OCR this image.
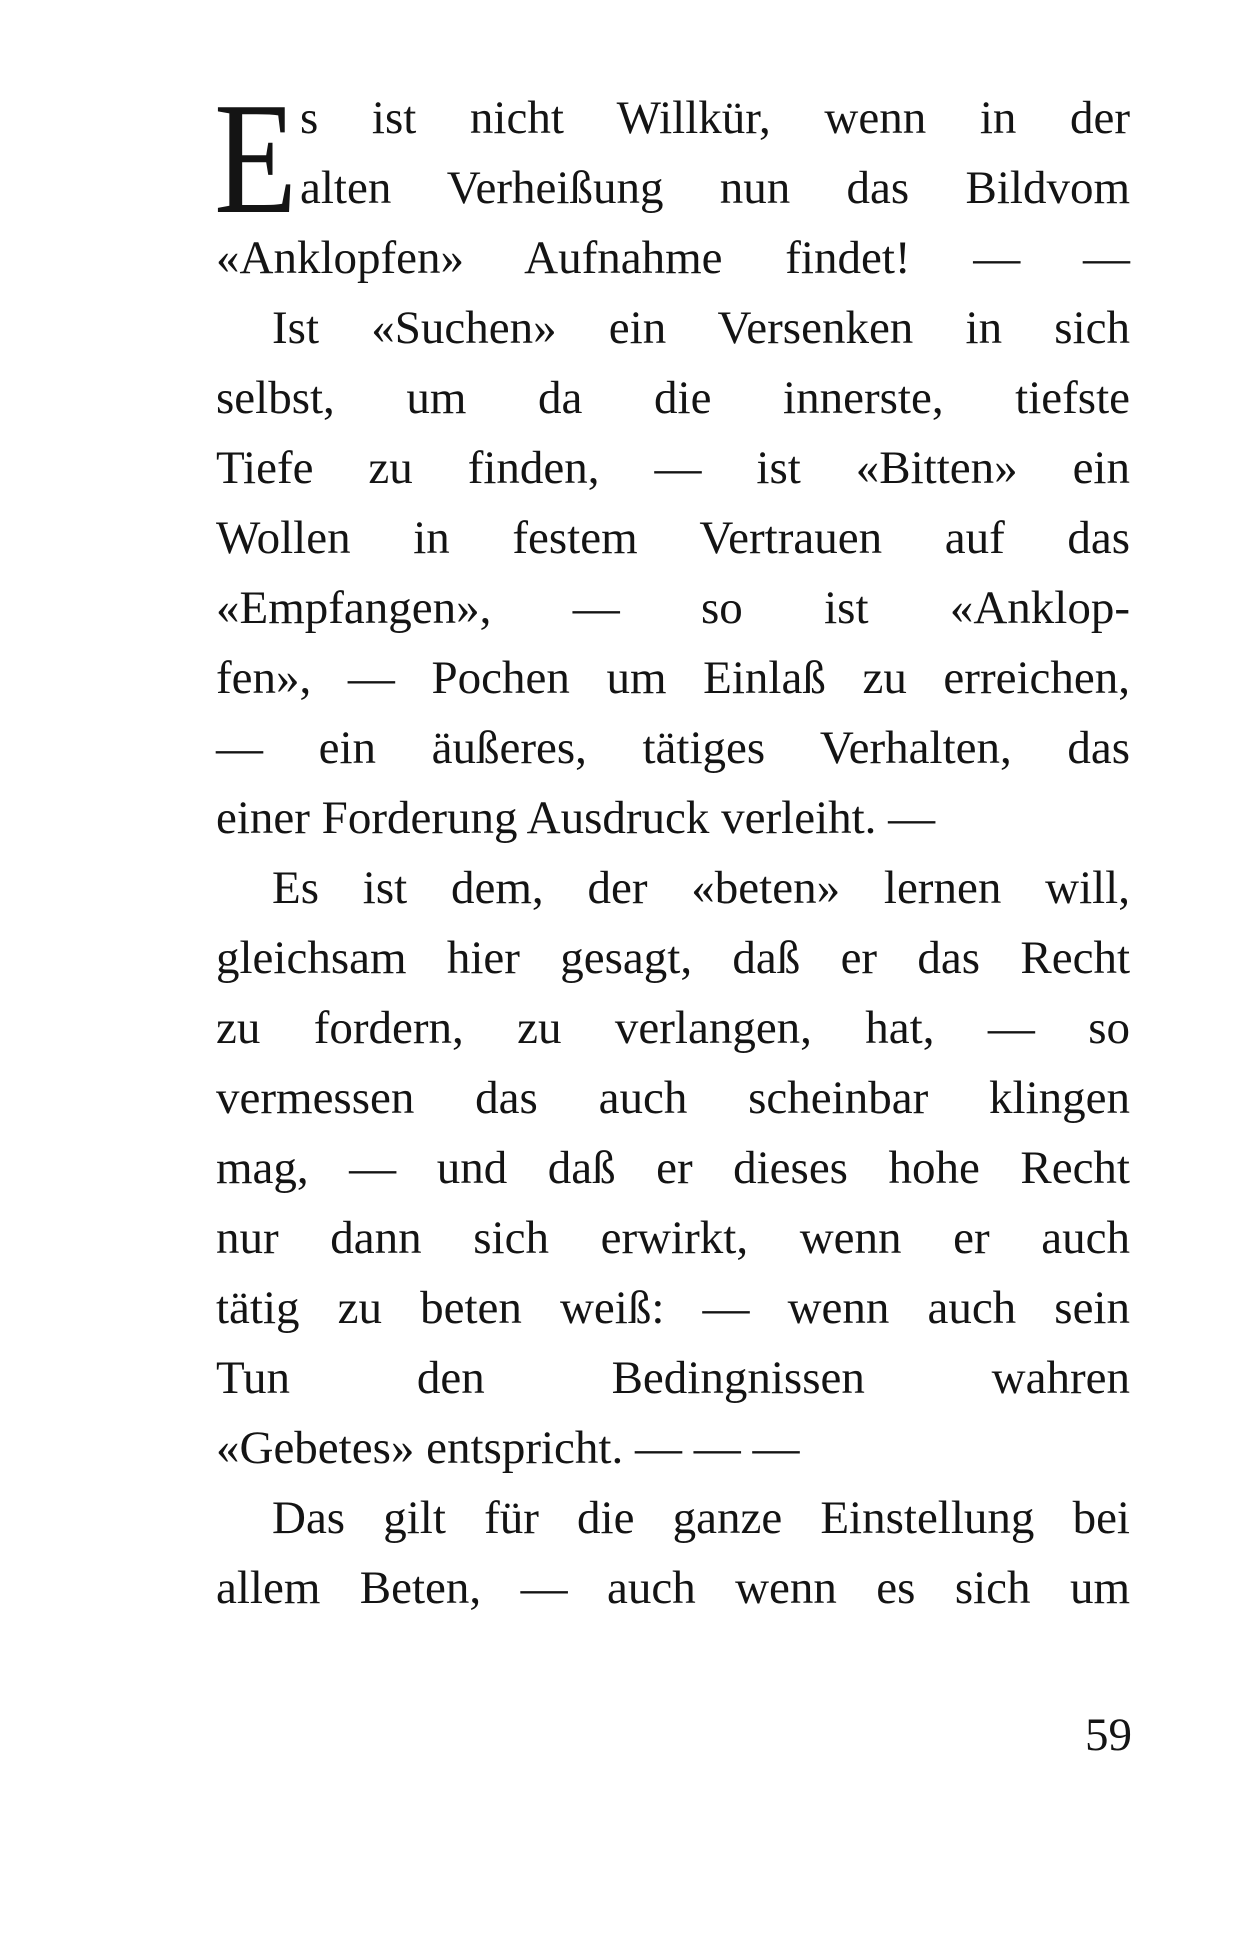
E s ist nicht Willkür, wenn in der
alten Verheißung nun das Bildvom
«Anklopfen» Aufnahme findet! — —
Ist «Suchen» ein Versenken in sich
selbst, um da die innerste, tiefste
Tiefe zu finden, — ist «Bitten» ein
Wollen in festem Vertrauen auf das
«Empfangen», — so ist «Anklop-
fen», — Pochen um Einlaß zu erreichen,
— ein äußeres, tätiges Verhalten, das
einer Forderung Ausdruck verleiht. —
Es ist dem, der «beten» lernen will,
gleichsam hier gesagt, daß er das Recht
zu fordern, zu verlangen, hat, — so
vermessen das auch scheinbar klingen
mag, — und daß er dieses hohe Recht
nur dann sich erwirkt, wenn er auch
tätig zu beten weiß: — wenn auch sein
Tun den Bedingnissen wahren
«Gebetes» entspricht. — — —
Das gilt für die ganze Einstellung bei
allem Beten, — auch wenn es sich um
59
